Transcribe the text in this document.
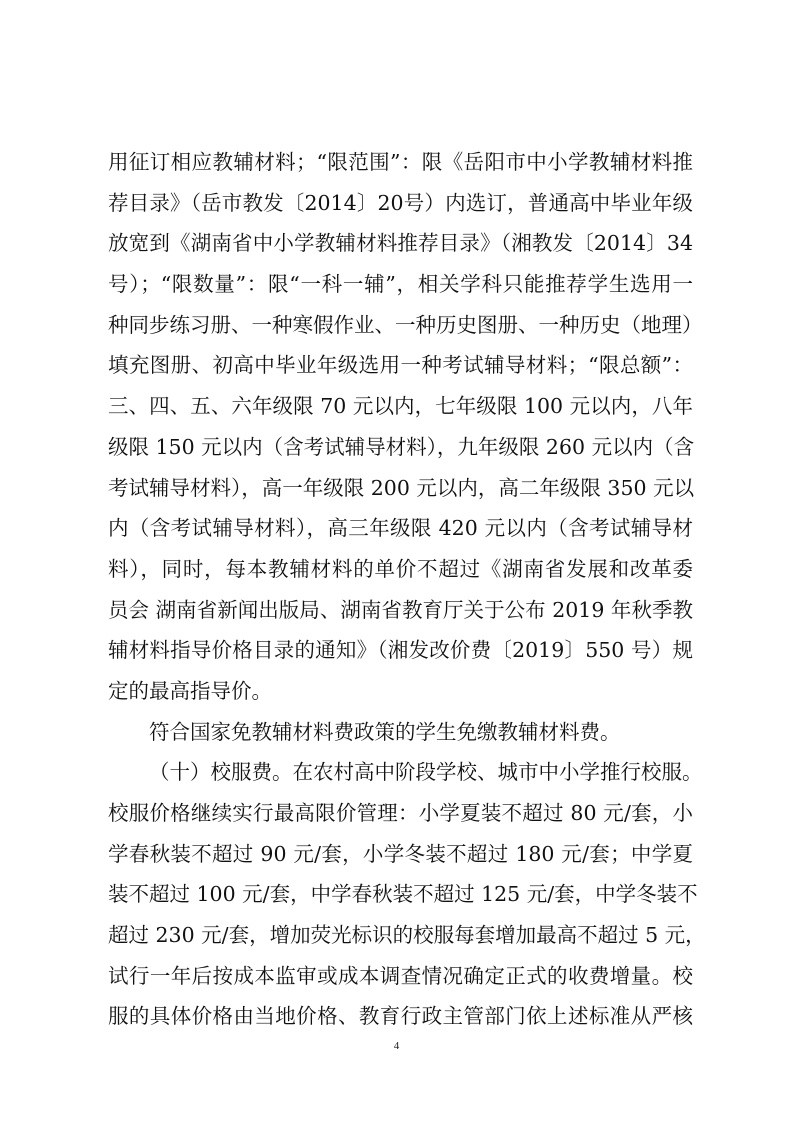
用征订相应教辅材料；“限范围”：限《岳阳市中小学教辅材料推
荐目录》（岳市教发〔2014〕20号）内选订，普通高中毕业年级
放宽到《湖南省中小学教辅材料推荐目录》（湘教发〔2014〕34
号）；“限数量”：限“一科一辅”，相关学科只能推荐学生选用一
种同步练习册、一种寒假作业、一种历史图册、一种历史（地理）
填充图册、初高中毕业年级选用一种考试辅导材料；“限总额”：
三、四、五、六年级限 70 元以内，七年级限 100 元以内，八年
级限 150 元以内（含考试辅导材料），九年级限 260 元以内（含
考试辅导材料），高一年级限 200 元以内，高二年级限 350 元以
内（含考试辅导材料），高三年级限 420 元以内（含考试辅导材
料），同时，每本教辅材料的单价不超过《湖南省发展和改革委
员会 湖南省新闻出版局、湖南省教育厅关于公布 2019 年秋季教
辅材料指导价格目录的通知》（湘发改价费〔2019〕550 号）规
定的最高指导价。
符合国家免教辅材料费政策的学生免缴教辅材料费。
（十）校服费。在农村高中阶段学校、城市中小学推行校服。
校服价格继续实行最高限价管理：小学夏装不超过 80 元/套，小
学春秋装不超过 90 元/套，小学冬装不超过 180 元/套；中学夏
装不超过 100 元/套，中学春秋装不超过 125 元/套，中学冬装不
超过 230 元/套，增加荧光标识的校服每套增加最高不超过 5 元，
试行一年后按成本监审或成本调查情况确定正式的收费增量。校
服的具体价格由当地价格、教育行政主管部门依上述标准从严核
4
